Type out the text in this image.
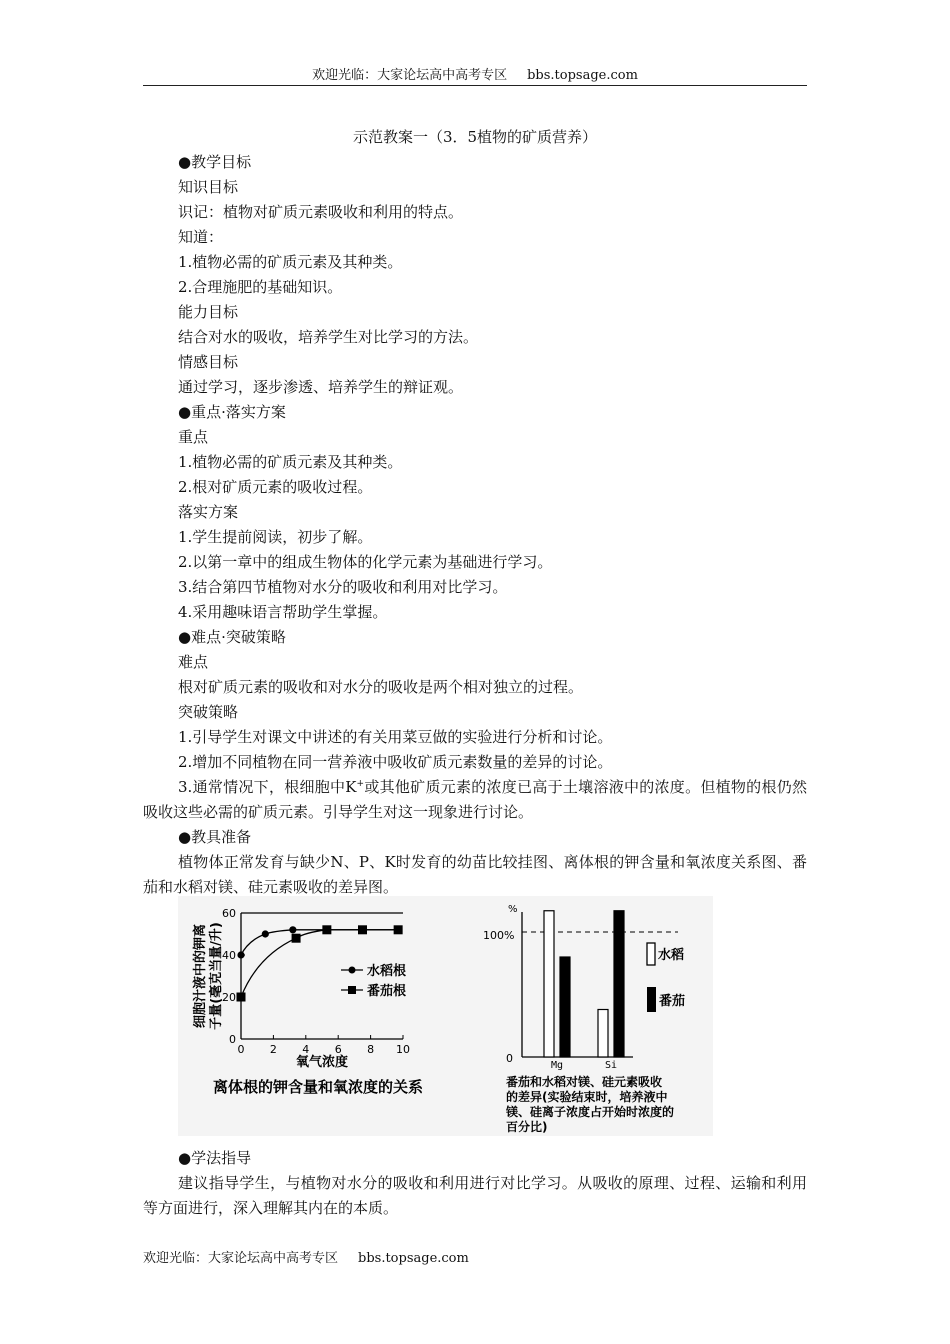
欢迎光临：大家论坛高中高考专区 bbs.topsage.com
示范教案一（3．5植物的矿质营养）
●教学目标
知识目标
识记：植物对矿质元素吸收和利用的特点。
知道：
1.植物必需的矿质元素及其种类。
2.合理施肥的基础知识。
能力目标
结合对水的吸收，培养学生对比学习的方法。
情感目标
通过学习，逐步渗透、培养学生的辩证观。
●重点·落实方案
重点
1.植物必需的矿质元素及其种类。
2.根对矿质元素的吸收过程。
落实方案
1.学生提前阅读，初步了解。
2.以第一章中的组成生物体的化学元素为基础进行学习。
3.结合第四节植物对水分的吸收和利用对比学习。
4.采用趣味语言帮助学生掌握。
●难点·突破策略
难点
根对矿质元素的吸收和对水分的吸收是两个相对独立的过程。
突破策略
1.引导学生对课文中讲述的有关用菜豆做的实验进行分析和讨论。
2.增加不同植物在同一营养液中吸收矿质元素数量的差异的讨论。
3.通常情况下，根细胞中K+或其他矿质元素的浓度已高于土壤溶液中的浓度。但植物的根仍然吸收这些必需的矿质元素。引导学生对这一现象进行讨论。
●教具准备
植物体正常发育与缺少N、P、K时发育的幼苗比较挂图、离体根的钾含量和氧浓度关系图、番茄和水稻对镁、硅元素吸收的差异图。
0
20
40
60
0 2 4 6 8 10
细胞汁液中的钾离 子量(毫克当量/升)
氧气浓度
水稻根
番茄根
离体根的钾含量和氧浓度的关系
%
100%
0
Mg	Si
水稻
番茄
番茄和水稻对镁、硅元素吸收
的差异(实验结束时，培养液中
镁、硅离子浓度占开始时浓度的
百分比)
●学法指导
建议指导学生，与植物对水分的吸收和利用进行对比学习。从吸收的原理、过程、运输和利用等方面进行，深入理解其内在的本质。
欢迎光临：大家论坛高中高考专区 bbs.topsage.com
